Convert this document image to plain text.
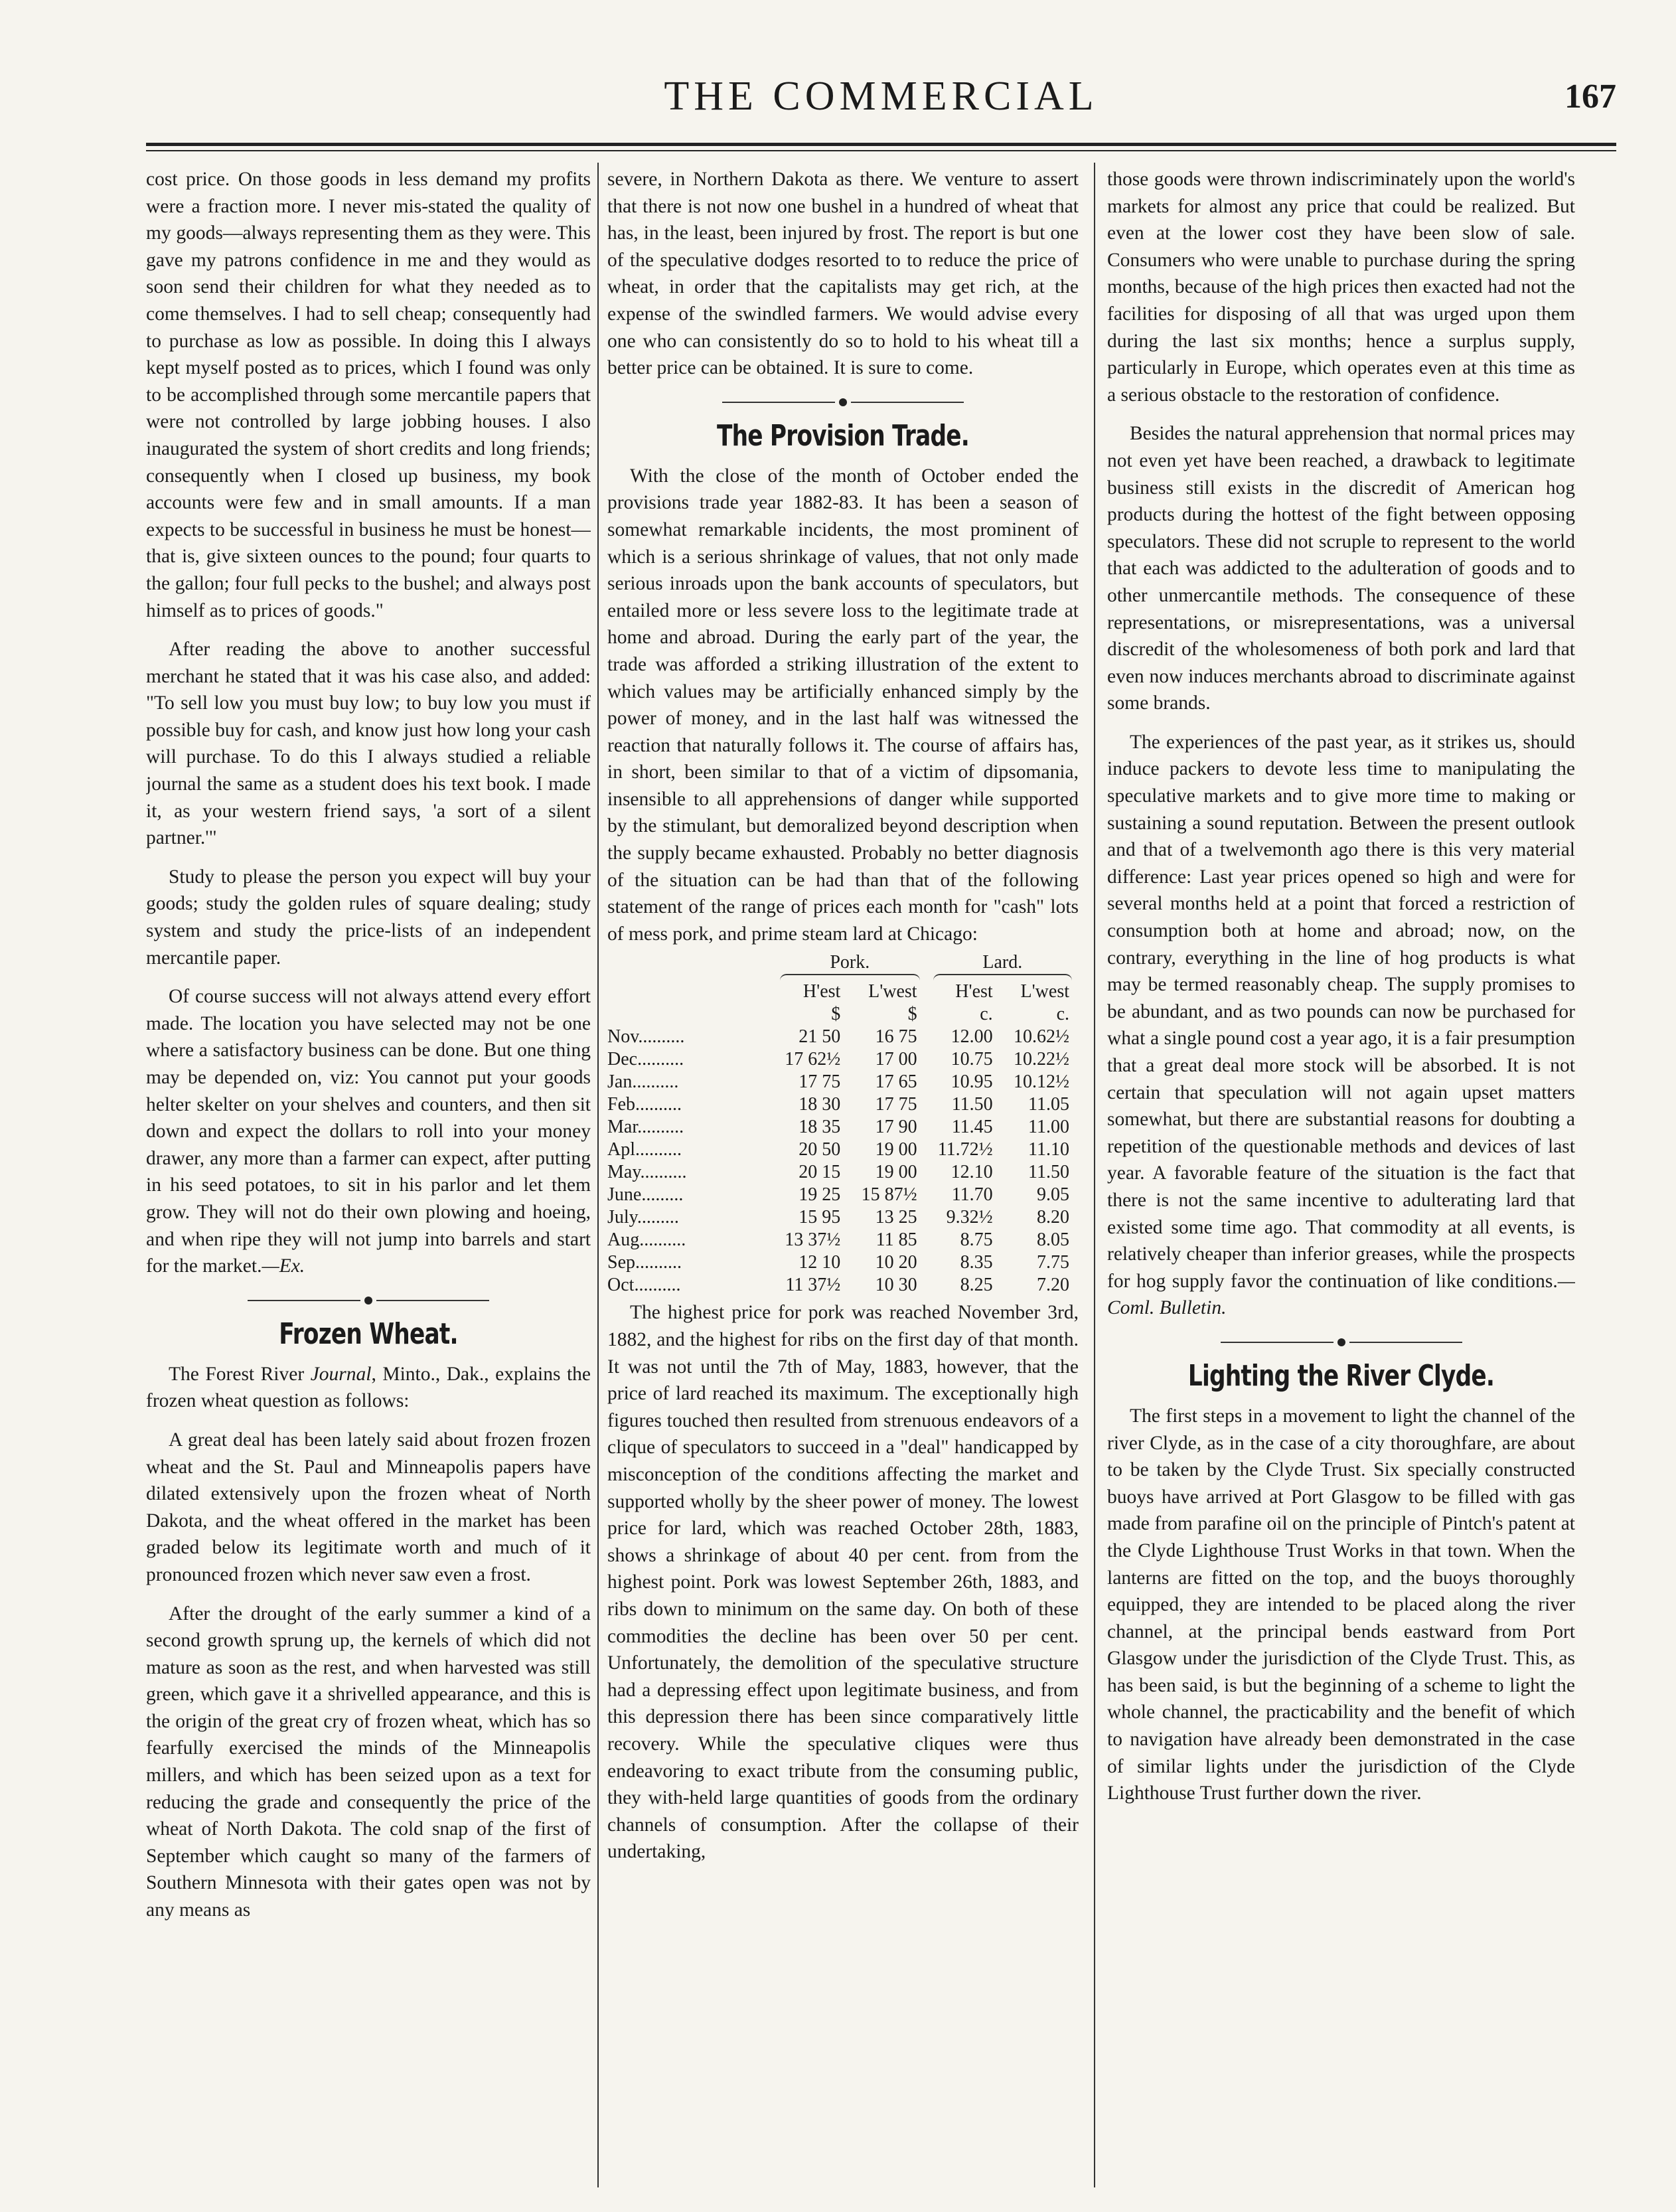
THE COMMERCIAL	167

cost price. On those goods in less demand my profits were a fraction more. I never mis-stated the quality of my goods—always representing them as they were. This gave my patrons confidence in me and they would as soon send their children for what they needed as to come themselves. I had to sell cheap; consequently had to purchase as low as possible. In doing this I always kept myself posted as to prices, which I found was only to be accomplished through some mercantile papers that were not controlled by large jobbing houses. I also inaugurated the system of short credits and long friends; consequently when I closed up business, my book accounts were few and in small amounts. If a man expects to be successful in business he must be honest—that is, give sixteen ounces to the pound; four quarts to the gallon; four full pecks to the bushel; and always post himself as to prices of goods."

After reading the above to another successful merchant he stated that it was his case also, and added: "To sell low you must buy low; to buy low you must if possible buy for cash, and know just how long your cash will purchase. To do this I always studied a reliable journal the same as a student does his text book. I made it, as your western friend says, 'a sort of a silent partner.'"

Study to please the person you expect will buy your goods; study the golden rules of square dealing; study system and study the price-lists of an independent mercantile paper.

Of course success will not always attend every effort made. The location you have selected may not be one where a satisfactory business can be done. But one thing may be depended on, viz: You cannot put your goods helter skelter on your shelves and counters, and then sit down and expect the dollars to roll into your money drawer, any more than a farmer can expect, after putting in his seed potatoes, to sit in his parlor and let them grow. They will not do their own plowing and hoeing, and when ripe they will not jump into barrels and start for the market.—Ex.

Frozen Wheat.

The Forest River Journal, Minto., Dak., explains the frozen wheat question as follows:

A great deal has been lately said about frozen frozen wheat and the St. Paul and Minneapolis papers have dilated extensively upon the frozen wheat of North Dakota, and the wheat offered in the market has been graded below its legitimate worth and much of it pronounced frozen which never saw even a frost.

After the drought of the early summer a kind of a second growth sprung up, the kernels of which did not mature as soon as the rest, and when harvested was still green, which gave it a shrivelled appearance, and this is the origin of the great cry of frozen wheat, which has so fearfully exercised the minds of the Minneapolis millers, and which has been seized upon as a text for reducing the grade and consequently the price of the wheat of North Dakota. The cold snap of the first of September which caught so many of the farmers of Southern Minnesota with their gates open was not by any means as

severe, in Northern Dakota as there. We venture to assert that there is not now one bushel in a hundred of wheat that has, in the least, been injured by frost. The report is but one of the speculative dodges resorted to to reduce the price of wheat, in order that the capitalists may get rich, at the expense of the swindled farmers. We would advise every one who can consistently do so to hold to his wheat till a better price can be obtained. It is sure to come.

The Provision Trade.

With the close of the month of October ended the provisions trade year 1882-83. It has been a season of somewhat remarkable incidents, the most prominent of which is a serious shrinkage of values, that not only made serious inroads upon the bank accounts of speculators, but entailed more or less severe loss to the legitimate trade at home and abroad. During the early part of the year, the trade was afforded a striking illustration of the extent to which values may be artificially enhanced simply by the power of money, and in the last half was witnessed the reaction that naturally follows it. The course of affairs has, in short, been similar to that of a victim of dipsomania, insensible to all apprehensions of danger while supported by the stimulant, but demoralized beyond description when the supply became exhausted. Probably no better diagnosis of the situation can be had than that of the following statement of the range of prices each month for "cash" lots of mess pork, and prime steam lard at Chicago:

	Pork.		Lard.	

	H'est	L'west	H'est	L'west
	$	$	c.	c.
Nov..........	21 50	16 75	12.00	10.62½
Dec..........	17 62½	17 00	10.75	10.22½
Jan..........	17 75	17 65	10.95	10.12½
Feb..........	18 30	17 75	11.50	11.05
Mar..........	18 35	17 90	11.45	11.00
Apl..........	20 50	19 00	11.72½	11.10
May..........	20 15	19 00	12.10	11.50
June.........	19 25	15 87½	11.70	9.05
July.........	15 95	13 25	9.32½	8.20
Aug..........	13 37½	11 85	8.75	8.05
Sep..........	12 10	10 20	8.35	7.75
Oct..........	11 37½	10 30	8.25	7.20

The highest price for pork was reached November 3rd, 1882, and the highest for ribs on the first day of that month. It was not until the 7th of May, 1883, however, that the price of lard reached its maximum. The exceptionally high figures touched then resulted from strenuous endeavors of a clique of speculators to succeed in a "deal" handicapped by misconception of the conditions affecting the market and supported wholly by the sheer power of money. The lowest price for lard, which was reached October 28th, 1883, shows a shrinkage of about 40 per cent. from from the highest point. Pork was lowest September 26th, 1883, and ribs down to minimum on the same day. On both of these commodities the decline has been over 50 per cent. Unfortunately, the demolition of the speculative structure had a depressing effect upon legitimate business, and from this depression there has been since comparatively little recovery. While the speculative cliques were thus endeavoring to exact tribute from the consuming public, they with-held large quantities of goods from the ordinary channels of consumption. After the collapse of their undertaking,

those goods were thrown indiscriminately upon the world's markets for almost any price that could be realized. But even at the lower cost they have been slow of sale. Consumers who were unable to purchase during the spring months, because of the high prices then exacted had not the facilities for disposing of all that was urged upon them during the last six months; hence a surplus supply, particularly in Europe, which operates even at this time as a serious obstacle to the restoration of confidence.

Besides the natural apprehension that normal prices may not even yet have been reached, a drawback to legitimate business still exists in the discredit of American hog products during the hottest of the fight between opposing speculators. These did not scruple to represent to the world that each was addicted to the adulteration of goods and to other unmercantile methods. The consequence of these representations, or misrepresentations, was a universal discredit of the wholesomeness of both pork and lard that even now induces merchants abroad to discriminate against some brands.

The experiences of the past year, as it strikes us, should induce packers to devote less time to manipulating the speculative markets and to give more time to making or sustaining a sound reputation. Between the present outlook and that of a twelvemonth ago there is this very material difference: Last year prices opened so high and were for several months held at a point that forced a restriction of consumption both at home and abroad; now, on the contrary, everything in the line of hog products is what may be termed reasonably cheap. The supply promises to be abundant, and as two pounds can now be purchased for what a single pound cost a year ago, it is a fair presumption that a great deal more stock will be absorbed. It is not certain that speculation will not again upset matters somewhat, but there are substantial reasons for doubting a repetition of the questionable methods and devices of last year. A favorable feature of the situation is the fact that there is not the same incentive to adulterating lard that existed some time ago. That commodity at all events, is relatively cheaper than inferior greases, while the prospects for hog supply favor the continuation of like conditions.—Coml. Bulletin.

Lighting the River Clyde.

The first steps in a movement to light the channel of the river Clyde, as in the case of a city thoroughfare, are about to be taken by the Clyde Trust. Six specially constructed buoys have arrived at Port Glasgow to be filled with gas made from parafine oil on the principle of Pintch's patent at the Clyde Lighthouse Trust Works in that town. When the lanterns are fitted on the top, and the buoys thoroughly equipped, they are intended to be placed along the river channel, at the principal bends eastward from Port Glasgow under the jurisdiction of the Clyde Trust. This, as has been said, is but the beginning of a scheme to light the whole channel, the practicability and the benefit of which to navigation have already been demonstrated in the case of similar lights under the jurisdiction of the Clyde Lighthouse Trust further down the river.
